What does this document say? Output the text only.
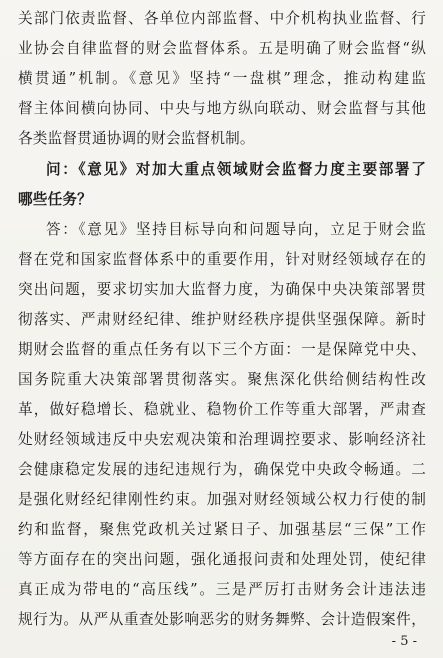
关部门依责监督、各单位内部监督、中介机构执业监督、行
业协会自律监督的财会监督体系。五是明确了财会监督“纵
横贯通”机制。《意见》坚持“一盘棋”理念，推动构建监
督主体间横向协同、中央与地方纵向联动、财会监督与其他
各类监督贯通协调的财会监督机制。
问：《意见》对加大重点领域财会监督力度主要部署了
哪些任务？
答：《意见》坚持目标导向和问题导向，立足于财会监
督在党和国家监督体系中的重要作用，针对财经领域存在的
突出问题，要求切实加大监督力度，为确保中央决策部署贯
彻落实、严肃财经纪律、维护财经秩序提供坚强保障。新时
期财会监督的重点任务有以下三个方面：一是保障党中央、
国务院重大决策部署贯彻落实。聚焦深化供给侧结构性改
革，做好稳增长、稳就业、稳物价工作等重大部署，严肃查
处财经领域违反中央宏观决策和治理调控要求、影响经济社
会健康稳定发展的违纪违规行为，确保党中央政令畅通。二
是强化财经纪律刚性约束。加强对财经领域公权力行使的制
约和监督，聚焦党政机关过紧日子、加强基层“三保”工作
等方面存在的突出问题，强化通报问责和处理处罚，使纪律
真正成为带电的“高压线”。三是严厉打击财务会计违法违
规行为。从严从重查处影响恶劣的财务舞弊、会计造假案件，
- 5 -
